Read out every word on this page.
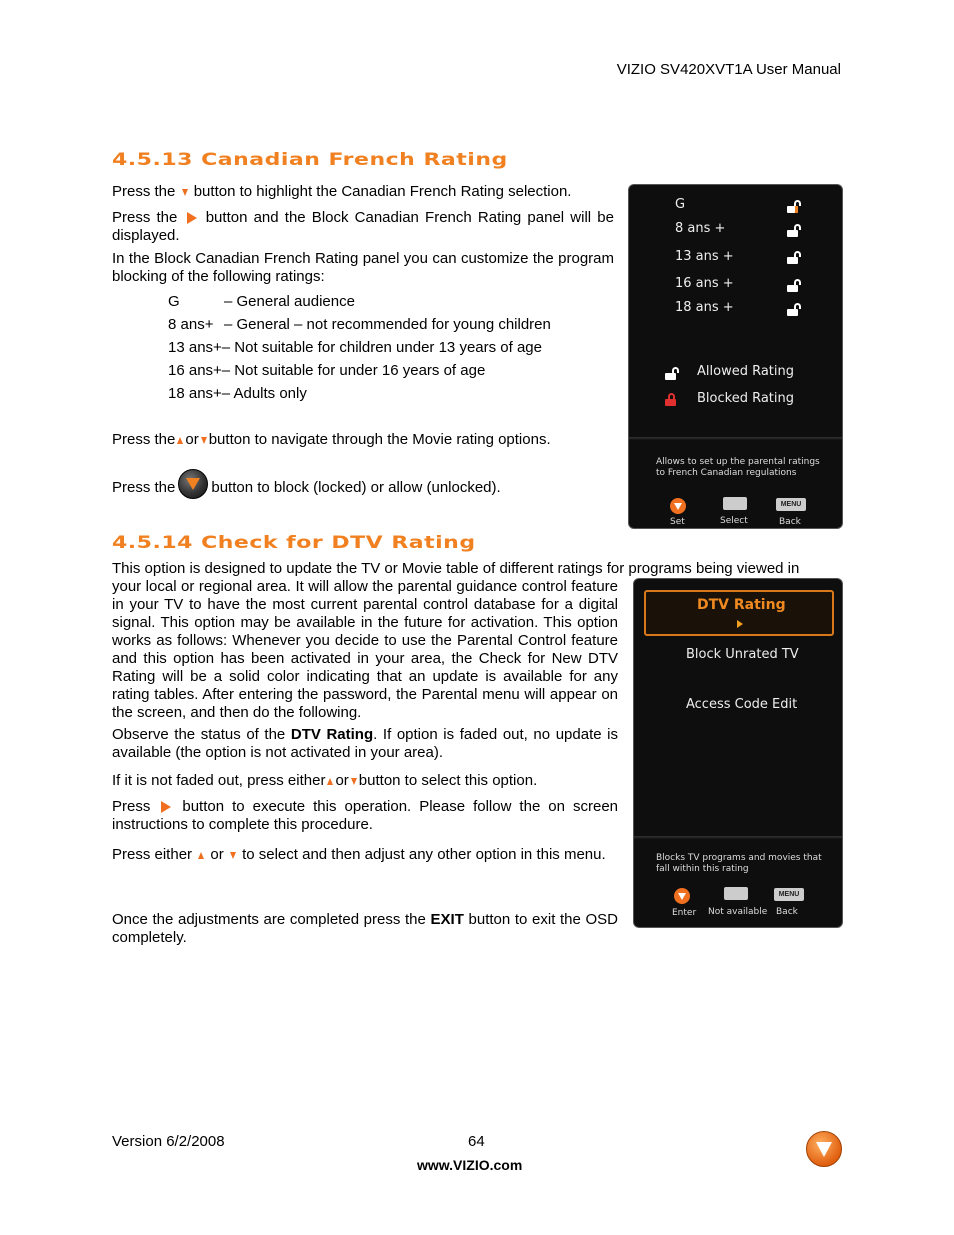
VIZIO SV420XVT1A User Manual
4.5.13 Canadian French Rating
Press the button to highlight the Canadian French Rating selection.
Press the button and the Block Canadian French Rating panel will be displayed.
In the Block Canadian French Rating panel you can customize the program blocking of the following ratings:
G	– General audience
8 ans+ – General – not recommended for young children
13 ans+– Not suitable for children under 13 years of age
16 ans+– Not suitable for under 16 years of age
18 ans+– Adults only
Press the or button to navigate through the Movie rating options.
Press the button to block (locked) or allow (unlocked).
G
8 ans +
13 ans +
16 ans +
18 ans +
Allowed Rating
Blocked Rating
Allows to set up the parental ratings to French Canadian regulations
Set	Select
MENU
Back
4.5.14 Check for DTV Rating
This option is designed to update the TV or Movie table of different ratings for programs being viewed in
your local or regional area. It will allow the parental guidance control feature in your TV to have the most current parental control database for a digital signal. This option may be available in the future for activation. This option works as follows: Whenever you decide to use the Parental Control feature and this option has been activated in your area, the Check for New DTV Rating will be a solid color indicating that an update is available for any rating tables. After entering the password, the Parental menu will appear on the screen, and then do the following.
Observe the status of the DTV Rating. If option is faded out, no update is available (the option is not activated in your area).
If it is not faded out, press either or button to select this option.
Press button to execute this operation. Please follow the on screen instructions to complete this procedure.
Press either or to select and then adjust any other option in this menu.
Once the adjustments are completed press the EXIT button to exit the OSD completely.
DTV Rating
Block Unrated TV
Access Code Edit
Blocks TV programs and movies that fall within this rating
Enter Not available
MENU
Back
Version 6/2/2008	64
www.VIZIO.com
